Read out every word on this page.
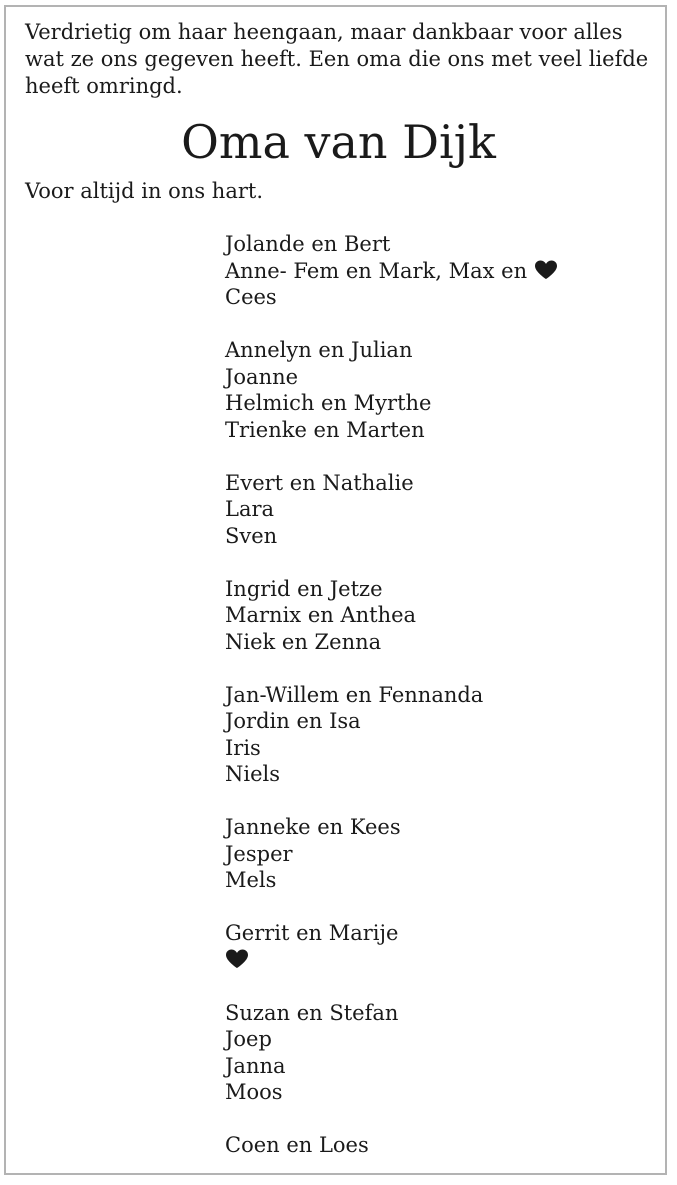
Verdrietig om haar heengaan, maar dankbaar voor alles wat ze ons gegeven heeft. Een oma die ons met veel liefde heeft omringd.

Oma van Dijk

Voor altijd in ons hart.

Jolande en Bert
Anne- Fem en Mark, Max en
Cees
Annelyn en Julian
Joanne
Helmich en Myrthe
Trienke en Marten
Evert en Nathalie
Lara
Sven
Ingrid en Jetze
Marnix en Anthea
Niek en Zenna
Jan-Willem en Fennanda
Jordin en Isa
Iris
Niels
Janneke en Kees
Jesper
Mels
Gerrit en Marije
Suzan en Stefan
Joep
Janna
Moos
Coen en Loes
